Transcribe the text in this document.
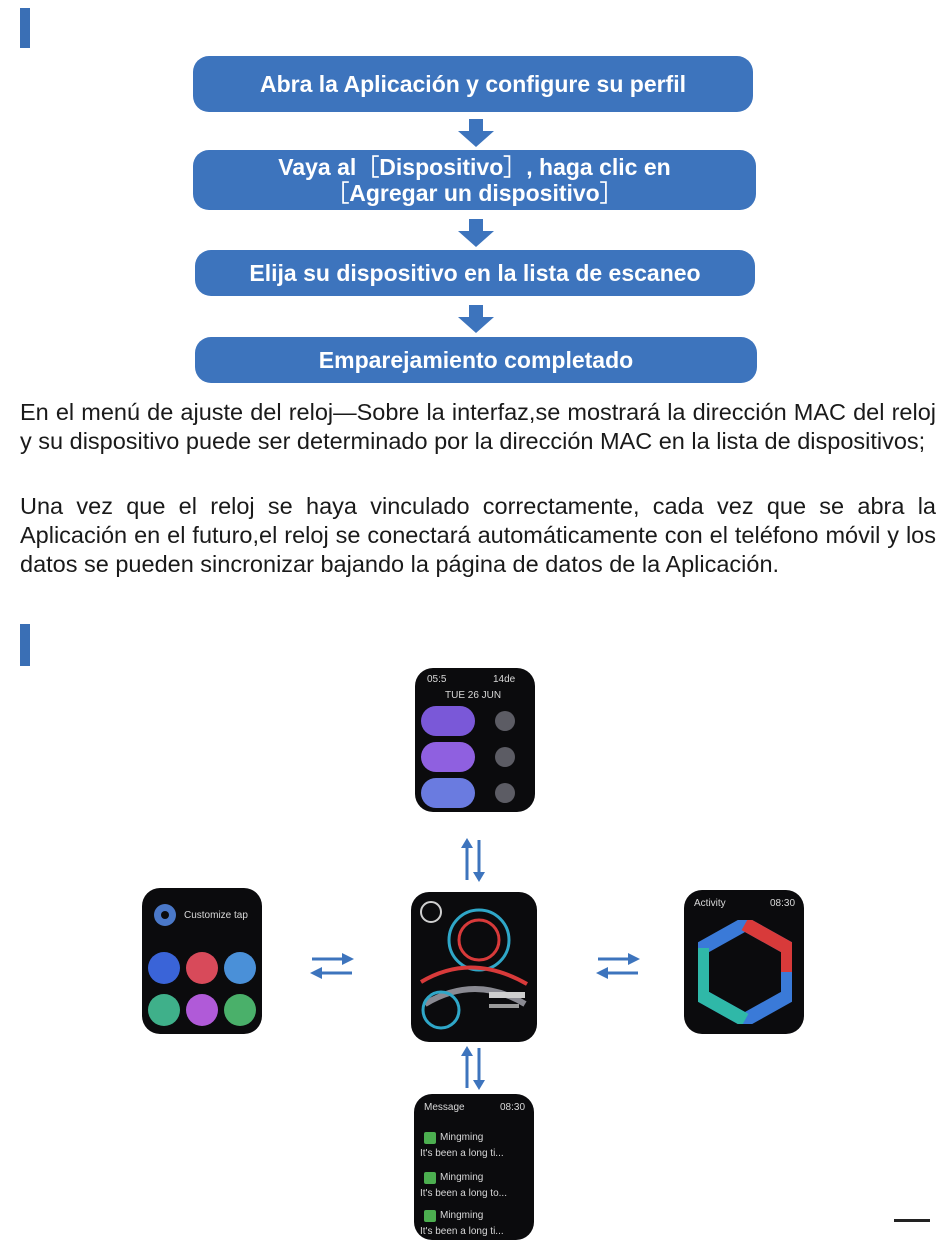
Abra la Aplicación y configure su perfil
Vaya al［Dispositivo］, haga clic en
［Agregar un dispositivo］
Elija su dispositivo en la lista de escaneo
Emparejamiento completado

En el menú de ajuste del reloj—Sobre la interfaz,se mostrará la dirección MAC del reloj y su dispositivo puede ser determinado por la dirección MAC en la lista de dispositivos;

Una vez que el reloj se haya vinculado correctamente, cada vez que se abra la Aplicación en el futuro,el reloj se conectará automáticamente con el teléfono móvil y los datos se pueden sincronizar bajando la página de datos de la Aplicación.

05:5	14de
TUE 26 JUN
Customize tap
Activity	08:30
Message	08:30
Mingming
It's been a long ti...
Mingming
It's been a long to...
Mingming
It's been a long ti...
